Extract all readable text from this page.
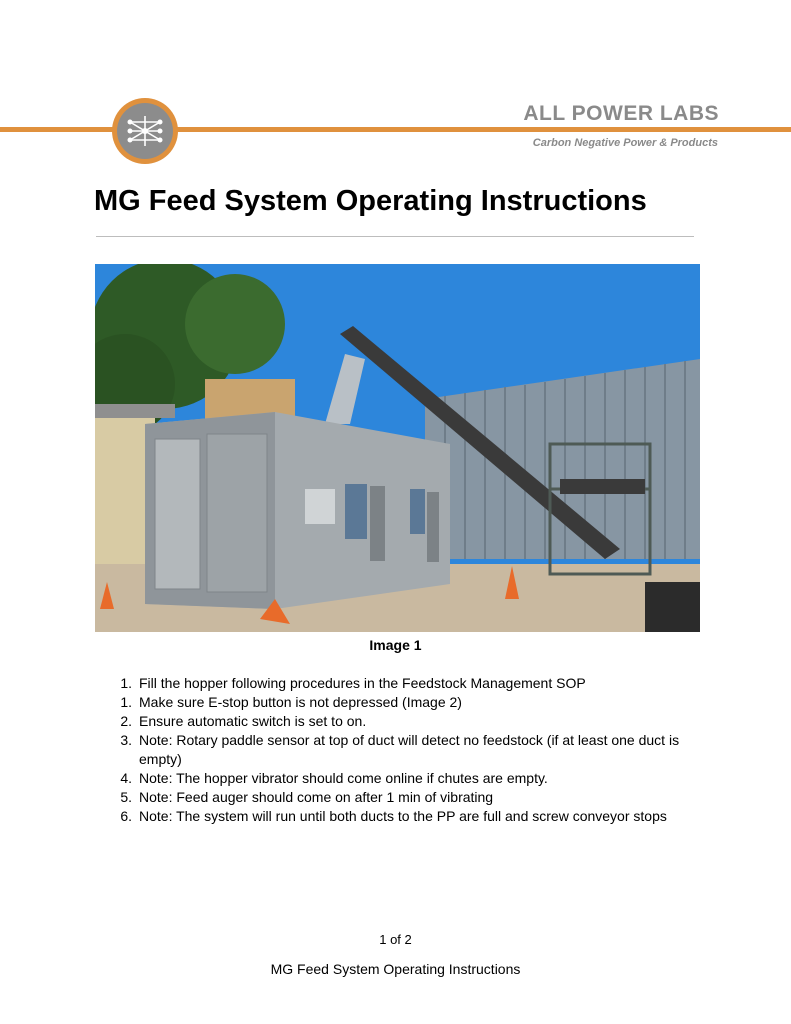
ALL POWER LABS
Carbon Negative Power & Products
MG Feed System Operating Instructions
Image 1
1. Fill the hopper following procedures in the Feedstock Management SOP
1. Make sure E-stop button is not depressed (Image 2)
2. Ensure automatic switch is set to on.
3. Note: Rotary paddle sensor at top of duct will detect no feedstock (if at least one duct is empty)
4. Note: The hopper vibrator should come online if chutes are empty.
5. Note: Feed auger should come on after 1 min of vibrating
6. Note: The system will run until both ducts to the PP are full and screw conveyor stops
1 of 2
MG Feed System Operating Instructions
